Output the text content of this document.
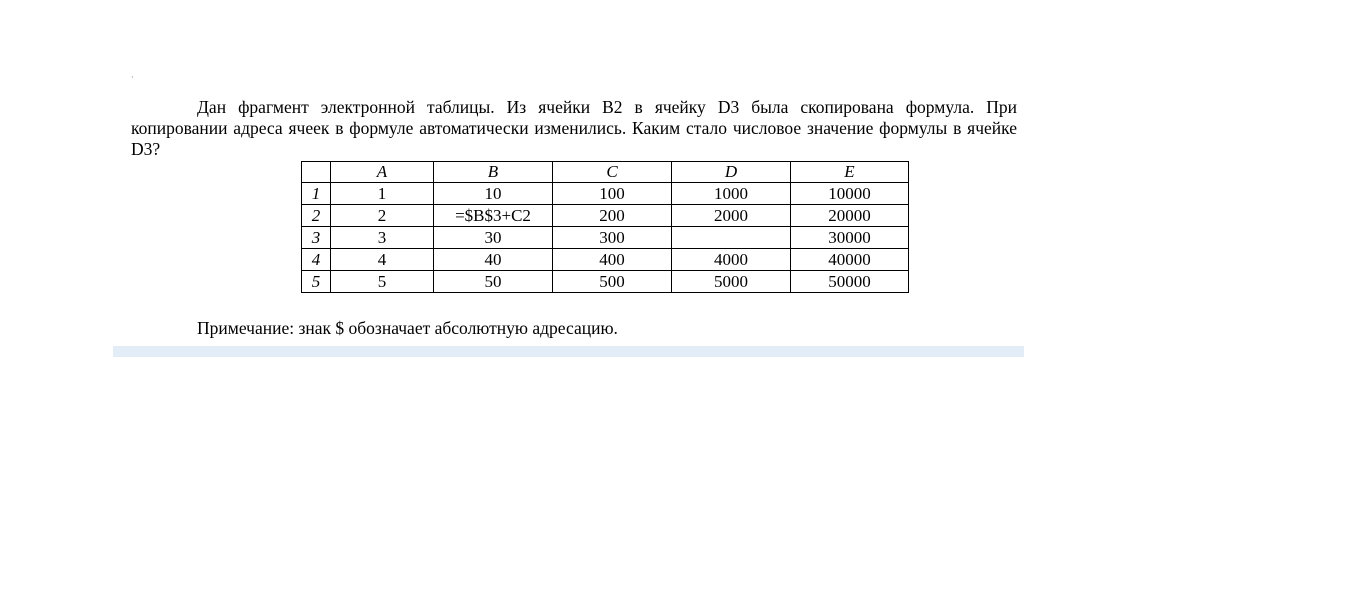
·

Дан фрагмент электронной таблицы. Из ячейки B2 в ячейку D3 была скопирована формула. При копировании адреса ячеек в формуле автоматически изменились. Каким стало числовое значение формулы в ячейке D3?

	A	B	C	D	E
1	1	10	100	1000	10000
2	2	=$B$3+C2	200	2000	20000
3	3	30	300		30000
4	4	40	400	4000	40000
5	5	50	500	5000	50000

Примечание: знак $ обозначает абсолютную адресацию.
